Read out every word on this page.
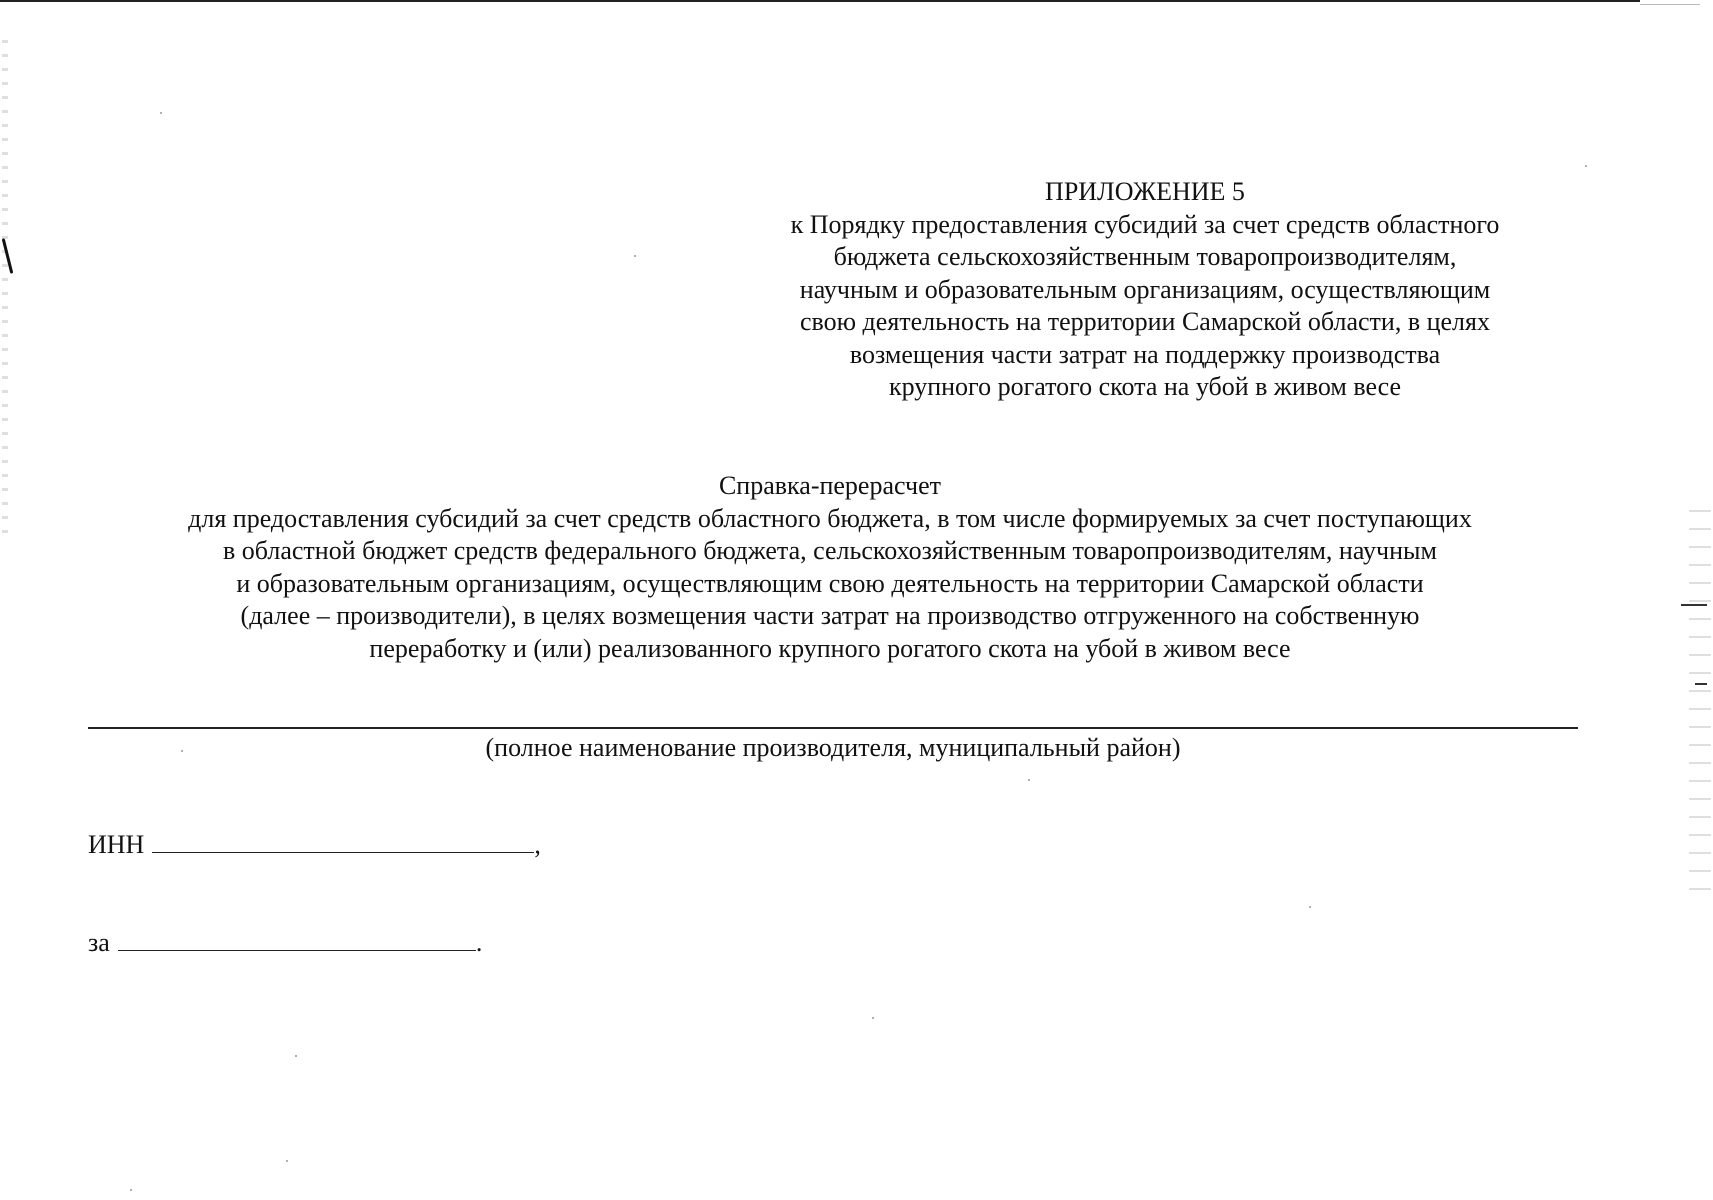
ПРИЛОЖЕНИЕ 5
к Порядку предоставления субсидий за счет средств областного
бюджета сельскохозяйственным товаропроизводителям,
научным и образовательным организациям, осуществляющим
свою деятельность на территории Самарской области, в целях
возмещения части затрат на поддержку производства
крупного рогатого скота на убой в живом весе
Справка-перерасчет
для предоставления субсидий за счет средств областного бюджета, в том числе формируемых за счет поступающих
в областной бюджет средств федерального бюджета, сельскохозяйственным товаропроизводителям, научным
и образовательным организациям, осуществляющим свою деятельность на территории Самарской области
(далее – производители), в целях возмещения части затрат на производство отгруженного на собственную
переработку и (или) реализованного крупного рогатого скота на убой в живом весе
(полное наименование производителя, муниципальный район)
ИНН	,
за	.
